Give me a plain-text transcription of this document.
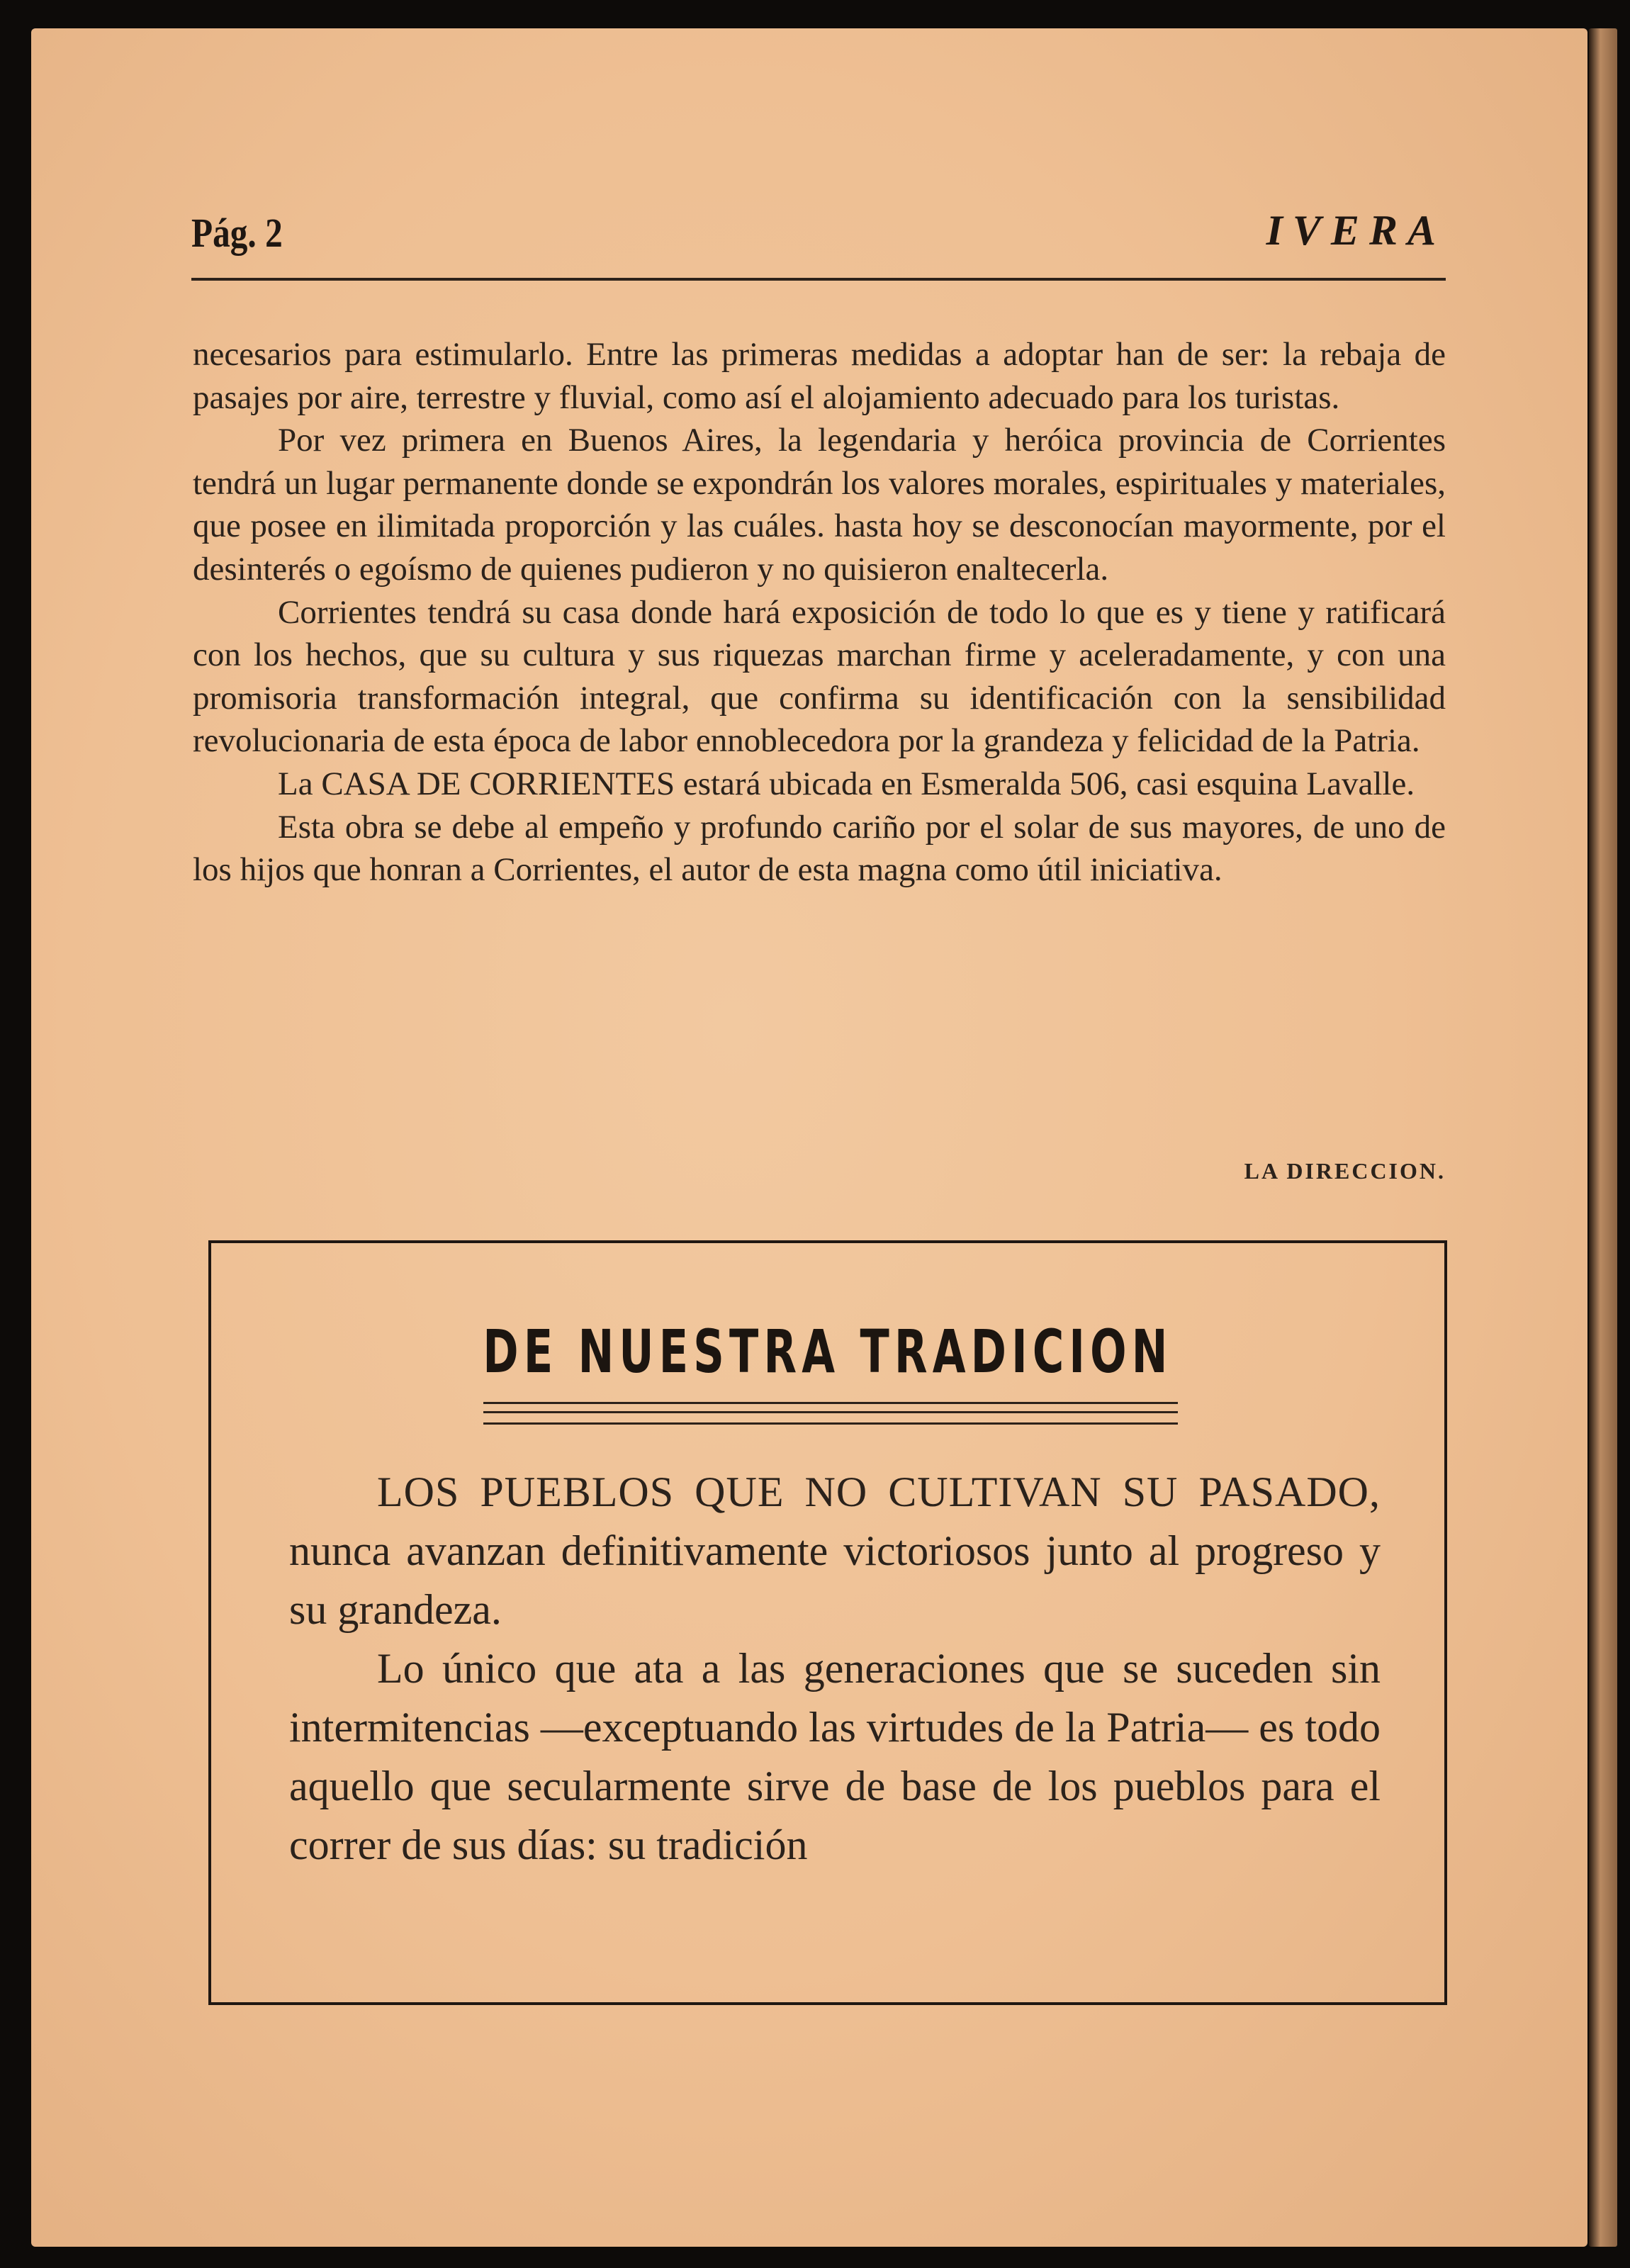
Pág. 2	IVERA

necesarios para estimularlo. Entre las primeras medidas a adoptar han de ser: la rebaja de pasajes por aire, terrestre y fluvial, como así el alojamiento adecuado para los turistas.

Por vez primera en Buenos Aires, la legendaria y heróica provincia de Corrientes tendrá un lugar permanente donde se expondrán los valores morales, espirituales y materiales, que posee en ilimitada proporción y las cuáles. hasta hoy se desconocían mayormente, por el desinterés o egoísmo de quienes pudieron y no quisieron enaltecerla.

Corrientes tendrá su casa donde hará exposición de todo lo que es y tiene y ratificará con los hechos, que su cultura y sus riquezas marchan firme y aceleradamente, y con una promisoria transformación integral, que confirma su identificación con la sensibilidad revolucionaria de esta época de labor ennoblecedora por la grandeza y felicidad de la Patria.

La CASA DE CORRIENTES estará ubicada en Esmeralda 506, casi esquina Lavalle.

Esta obra se debe al empeño y profundo cariño por el solar de sus mayores, de uno de los hijos que honran a Corrientes, el autor de esta magna como útil iniciativa.

LA DIRECCION.
DE NUESTRA TRADICION

LOS PUEBLOS QUE NO CULTIVAN SU PASADO, nunca avanzan definitivamente victoriosos junto al progreso y su grandeza.

Lo único que ata a las generaciones que se suceden sin intermitencias —exceptuando las virtudes de la Patria— es todo aquello que secularmente sirve de base de los pueblos para el correr de sus días: su tradición
